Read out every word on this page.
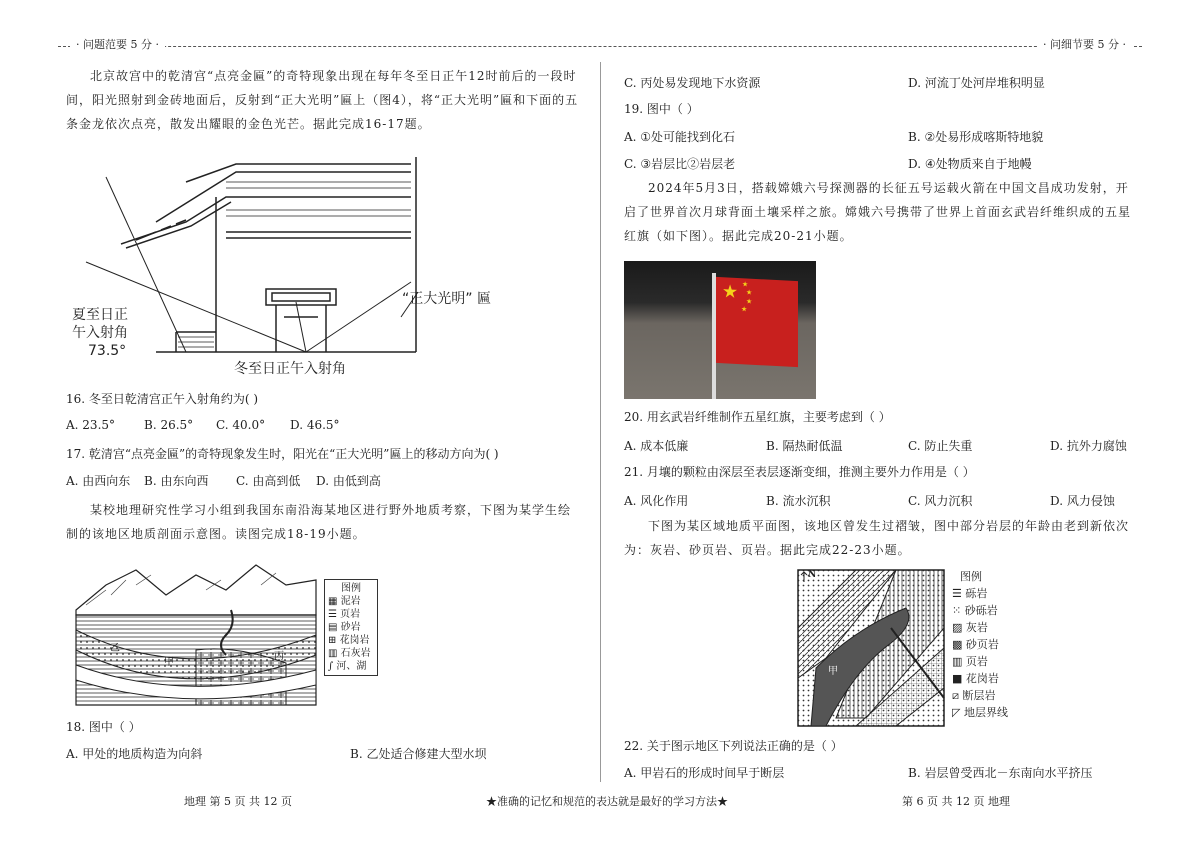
· 问题范要 5 分 ·	· 问细节要 5 分 ·
北京故宫中的乾清宫“点亮金匾”的奇特现象出现在每年冬至日正午12时前后的一段时间，阳光照射到金砖地面后，反射到“正大光明”匾上（图4），将“正大光明”匾和下面的五条金龙依次点亮，散发出耀眼的金色光芒。据此完成16-17题。
“正大光明” 匾
夏至日正
午入射角
73.5°
冬至日正午入射角
16. 冬至日乾清宫正午入射角约为( )
A. 23.5° B. 26.5° C. 40.0° D. 46.5°
17. 乾清宫“点亮金匾”的奇特现象发生时，阳光在“正大光明”匾上的移动方向为( )
A. 由西向东 B. 由东向西 C. 由高到低 D. 由低到高
某校地理研究性学习小组到我国东南沿海某地区进行野外地质考察，下图为某学生绘制的该地区地质剖面示意图。读图完成18-19小题。
甲
乙
丙
图例
▦ 泥岩
☰ 页岩
▤ 砂岩
⊞ 花岗岩
▥ 石灰岩
∫ 河、湖
18. 图中（ ）
A. 甲处的地质构造为向斜	B. 乙处适合修建大型水坝
C. 丙处易发现地下水资源	D. 河流丁处河岸堆积明显
19. 图中（ ）
A. ①处可能找到化石	B. ②处易形成喀斯特地貌
C. ③岩层比②岩层老	D. ④处物质来自于地幔
2024年5月3日，搭载嫦娥六号探测器的长征五号运载火箭在中国文昌成功发射，开启了世界首次月球背面土壤采样之旅。嫦娥六号携带了世界上首面玄武岩纤维织成的五星红旗（如下图）。据此完成20-21小题。
★ ★
★
★
★
20. 用玄武岩纤维制作五星红旗，主要考虑到（ ）
A. 成本低廉	B. 隔热耐低温	C. 防止失重	D. 抗外力腐蚀
21. 月壤的颗粒由深层至表层逐渐变细，推测主要外力作用是（ ）
A. 风化作用	B. 流水沉积	C. 风力沉积	D. 风力侵蚀
下图为某区域地质平面图，该地区曾发生过褶皱，图中部分岩层的年龄由老到新依次为：灰岩、砂页岩、页岩。据此完成22-23小题。
N
甲
图例
☰ 砾岩
⁙ 砂砾岩
▨ 灰岩
▩ 砂页岩
▥ 页岩
■ 花岗岩
⧄ 断层岩
◸ 地层界线
22. 关于图示地区下列说法正确的是（ ）
A. 甲岩石的形成时间早于断层	B. 岩层曾受西北－东南向水平挤压
地理 第 5 页 共 12 页	★准确的记忆和规范的表达就是最好的学习方法★	第 6 页 共 12 页 地理
